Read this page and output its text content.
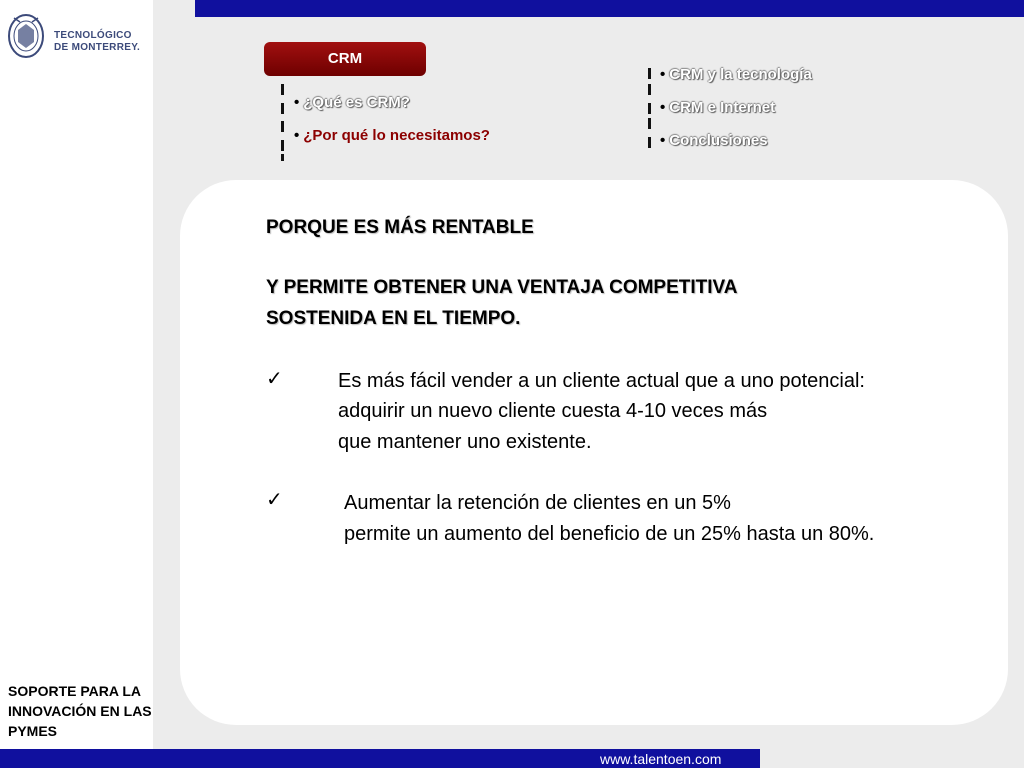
TECNOLÓGICO
DE MONTERREY.
SOPORTE PARA LA INNOVACIÓN EN LAS PYMES
CRM
• ¿Qué es CRM?
• ¿Por qué lo necesitamos?
• CRM y la tecnología
• CRM e Internet
• Conclusiones
PORQUE ES MÁS RENTABLE
Y PERMITE OBTENER UNA VENTAJA COMPETITIVA
SOSTENIDA EN EL TIEMPO.
✓	Es más fácil vender a un cliente actual que a uno potencial:
adquirir un nuevo cliente cuesta 4-10 veces más
que mantener uno existente.
✓	Aumentar la retención de clientes en un 5%
permite un aumento del beneficio de un 25% hasta un 80%.
www.talentoen.com
